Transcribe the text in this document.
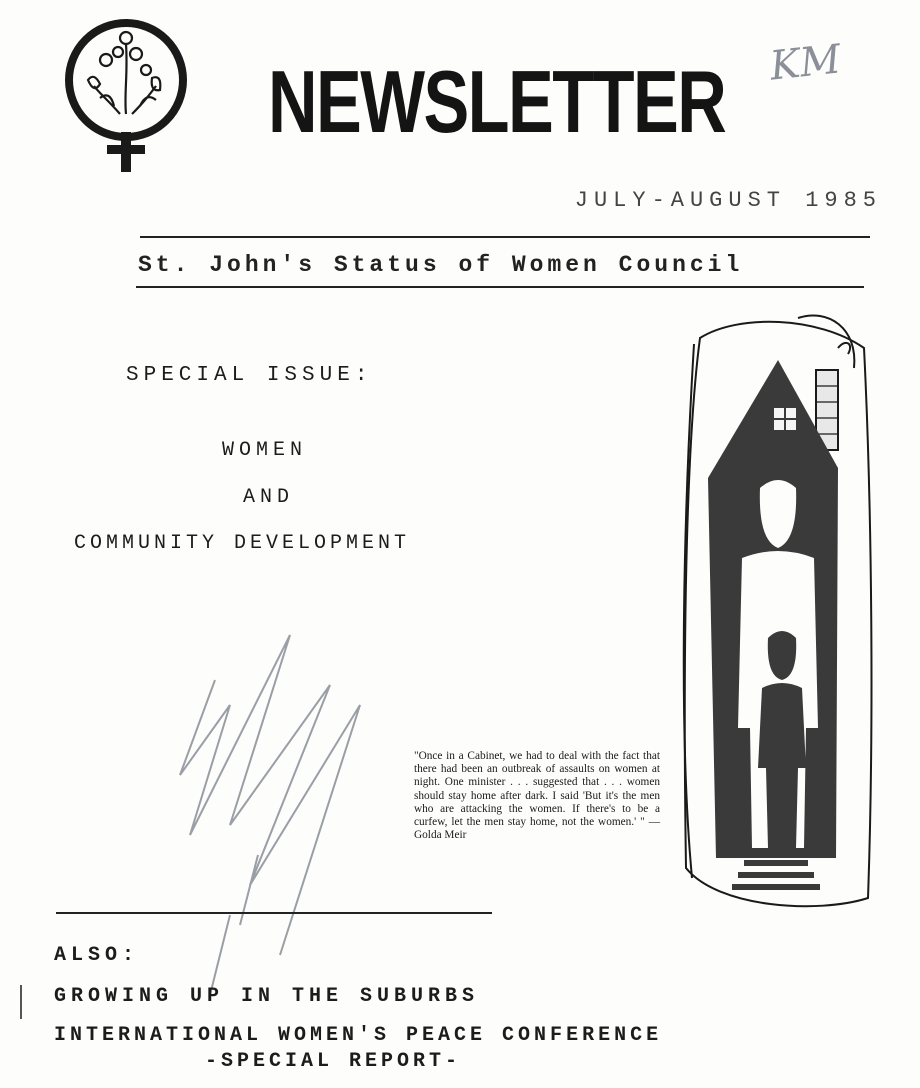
KM
NEWSLETTER
JULY-AUGUST 1985
St. John's Status of Women Council
SPECIAL ISSUE:
WOMEN
AND
COMMUNITY DEVELOPMENT
"Once in a Cabinet, we had to deal with the fact that there had been an outbreak of assaults on women at night. One minister . . . suggested that . . . women should stay home after dark. I said 'But it's the men who are attacking the women. If there's to be a curfew, let the men stay home, not the women.' " — Golda Meir
ALSO:
GROWING UP IN THE SUBURBS
INTERNATIONAL WOMEN'S PEACE CONFERENCE
-SPECIAL REPORT-
